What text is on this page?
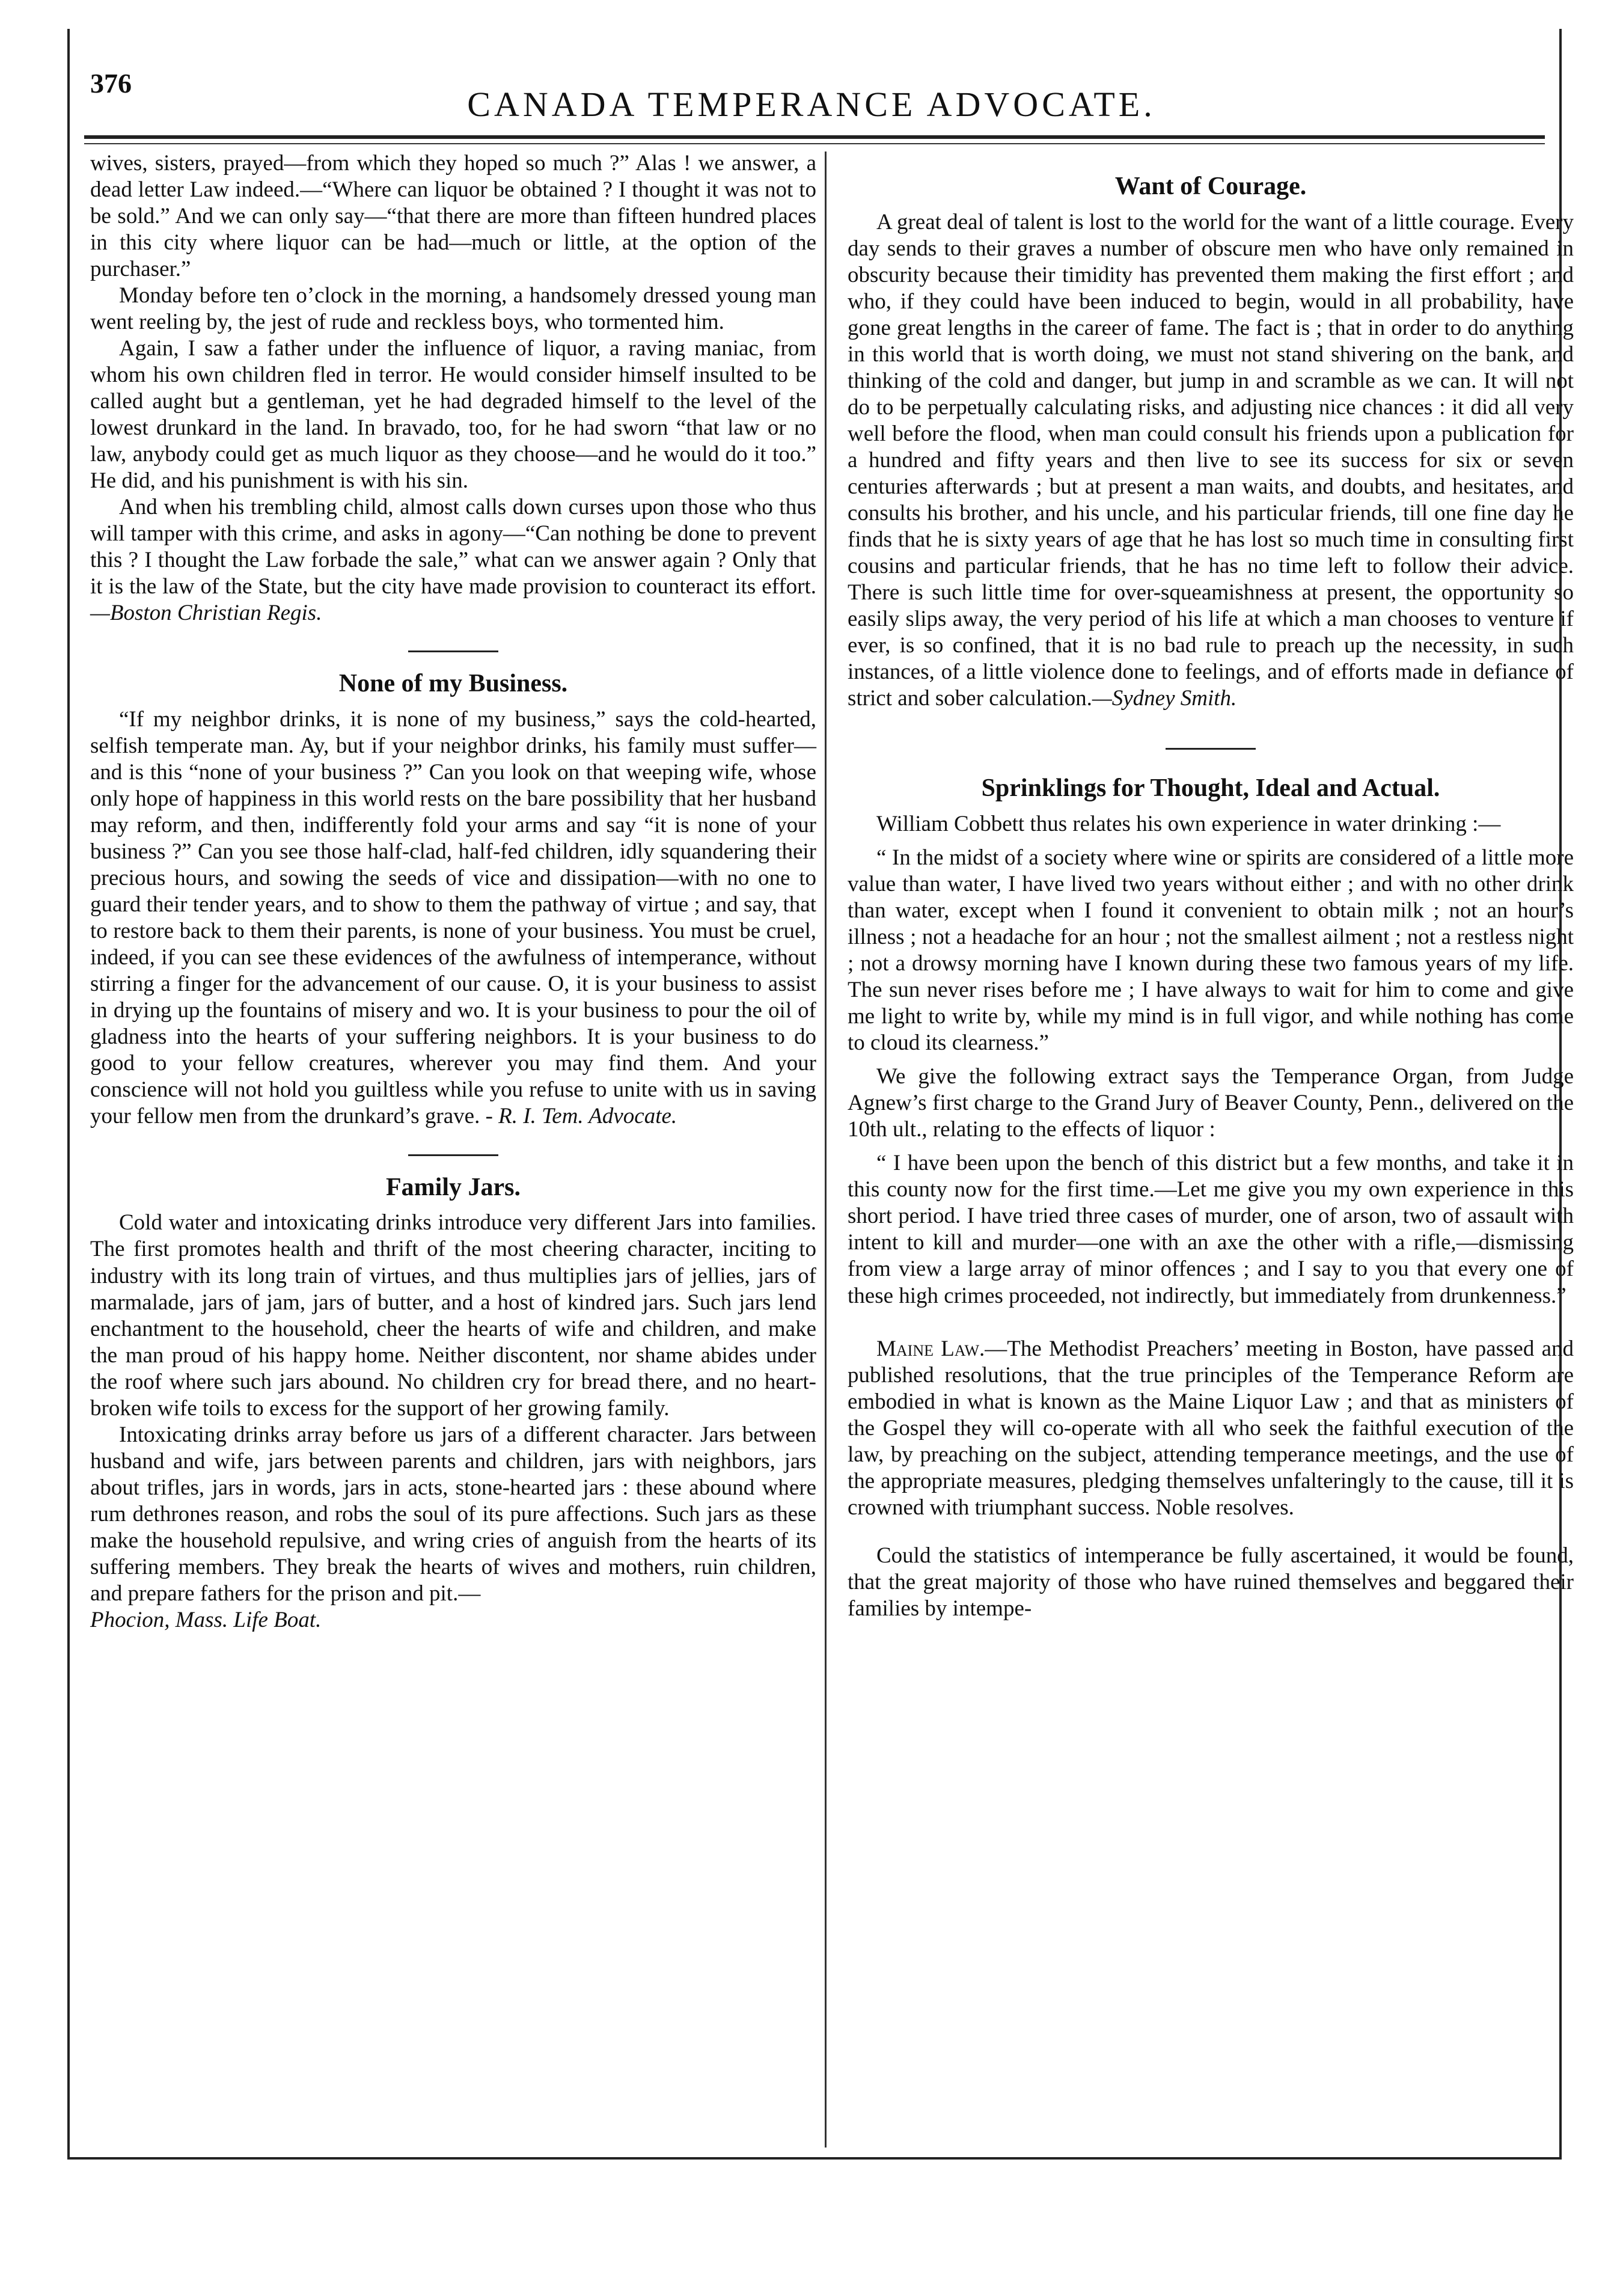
376
CANADA TEMPERANCE ADVOCATE.

wives, sisters, prayed—from which they hoped so much ?” Alas ! we answer, a dead letter Law indeed.—“Where can liquor be obtained ? I thought it was not to be sold.” And we can only say—“that there are more than fifteen hundred places in this city where liquor can be had—much or little, at the option of the purchaser.”

Monday before ten o’clock in the morning, a handsomely dressed young man went reeling by, the jest of rude and reckless boys, who tormented him.

Again, I saw a father under the influence of liquor, a raving maniac, from whom his own children fled in terror. He would consider himself insulted to be called aught but a gentleman, yet he had degraded himself to the level of the lowest drunkard in the land. In bravado, too, for he had sworn “that law or no law, anybody could get as much liquor as they choose—and he would do it too.” He did, and his punishment is with his sin.

And when his trembling child, almost calls down curses upon those who thus will tamper with this crime, and asks in agony—“Can nothing be done to prevent this ? I thought the Law forbade the sale,” what can we answer again ? Only that it is the law of the State, but the city have made provision to counteract its effort.—Boston Christian Regis.

None of my Business.

“If my neighbor drinks, it is none of my business,” says the cold-hearted, selfish temperate man. Ay, but if your neighbor drinks, his family must suffer—and is this “none of your business ?” Can you look on that weeping wife, whose only hope of happiness in this world rests on the bare possibility that her husband may reform, and then, indifferently fold your arms and say “it is none of your business ?” Can you see those half-clad, half-fed children, idly squandering their precious hours, and sowing the seeds of vice and dissipation—with no one to guard their tender years, and to show to them the pathway of virtue ; and say, that to restore back to them their parents, is none of your business. You must be cruel, indeed, if you can see these evidences of the awfulness of intemperance, without stirring a finger for the advancement of our cause. O, it is your business to assist in drying up the fountains of misery and wo. It is your business to pour the oil of gladness into the hearts of your suffering neighbors. It is your business to do good to your fellow creatures, wherever you may find them. And your conscience will not hold you guiltless while you refuse to unite with us in saving your fellow men from the drunkard’s grave. - R. I. Tem. Advocate.

Family Jars.

Cold water and intoxicating drinks introduce very different Jars into families. The first promotes health and thrift of the most cheering character, inciting to industry with its long train of virtues, and thus multiplies jars of jellies, jars of marmalade, jars of jam, jars of butter, and a host of kindred jars. Such jars lend enchantment to the household, cheer the hearts of wife and children, and make the man proud of his happy home. Neither discontent, nor shame abides under the roof where such jars abound. No children cry for bread there, and no heart-broken wife toils to excess for the support of her growing family.

Intoxicating drinks array before us jars of a different character. Jars between husband and wife, jars between parents and children, jars with neighbors, jars about trifles, jars in words, jars in acts, stone-hearted jars : these abound where rum dethrones reason, and robs the soul of its pure affections. Such jars as these make the household repulsive, and wring cries of anguish from the hearts of its suffering members. They break the hearts of wives and mothers, ruin children, and prepare fathers for the prison and pit.—

Phocion, Mass. Life Boat.

Want of Courage.

A great deal of talent is lost to the world for the want of a little courage. Every day sends to their graves a number of obscure men who have only remained in obscurity because their timidity has prevented them making the first effort ; and who, if they could have been induced to begin, would in all probability, have gone great lengths in the career of fame. The fact is ; that in order to do anything in this world that is worth doing, we must not stand shivering on the bank, and thinking of the cold and danger, but jump in and scramble as we can. It will not do to be perpetually calculating risks, and adjusting nice chances : it did all very well before the flood, when man could consult his friends upon a publication for a hundred and fifty years and then live to see its success for six or seven centuries afterwards ; but at present a man waits, and doubts, and hesitates, and consults his brother, and his uncle, and his particular friends, till one fine day he finds that he is sixty years of age that he has lost so much time in consulting first cousins and particular friends, that he has no time left to follow their advice. There is such little time for over-squeamishness at present, the opportunity so easily slips away, the very period of his life at which a man chooses to venture if ever, is so confined, that it is no bad rule to preach up the necessity, in such instances, of a little violence done to feelings, and of efforts made in defiance of strict and sober calculation.—Sydney Smith.

Sprinklings for Thought, Ideal and Actual.

William Cobbett thus relates his own experience in water drinking :—

“ In the midst of a society where wine or spirits are considered of a little more value than water, I have lived two years without either ; and with no other drink than water, except when I found it convenient to obtain milk ; not an hour’s illness ; not a headache for an hour ; not the smallest ailment ; not a restless night ; not a drowsy morning have I known during these two famous years of my life. The sun never rises before me ; I have always to wait for him to come and give me light to write by, while my mind is in full vigor, and while nothing has come to cloud its clearness.”

We give the following extract says the Temperance Organ, from Judge Agnew’s first charge to the Grand Jury of Beaver County, Penn., delivered on the 10th ult., relating to the effects of liquor :

“ I have been upon the bench of this district but a few months, and take it in this county now for the first time.—Let me give you my own experience in this short period. I have tried three cases of murder, one of arson, two of assault with intent to kill and murder—one with an axe the other with a rifle,—dismissing from view a large array of minor offences ; and I say to you that every one of these high crimes proceeded, not indirectly, but immediately from drunkenness.”

Maine Law.—The Methodist Preachers’ meeting in Boston, have passed and published resolutions, that the true principles of the Temperance Reform are embodied in what is known as the Maine Liquor Law ; and that as ministers of the Gospel they will co-operate with all who seek the faithful execution of the law, by preaching on the subject, attending temperance meetings, and the use of the appropriate measures, pledging themselves unfalteringly to the cause, till it is crowned with triumphant success. Noble resolves.

Could the statistics of intemperance be fully ascertained, it would be found, that the great majority of those who have ruined themselves and beggared their families by intempe-
